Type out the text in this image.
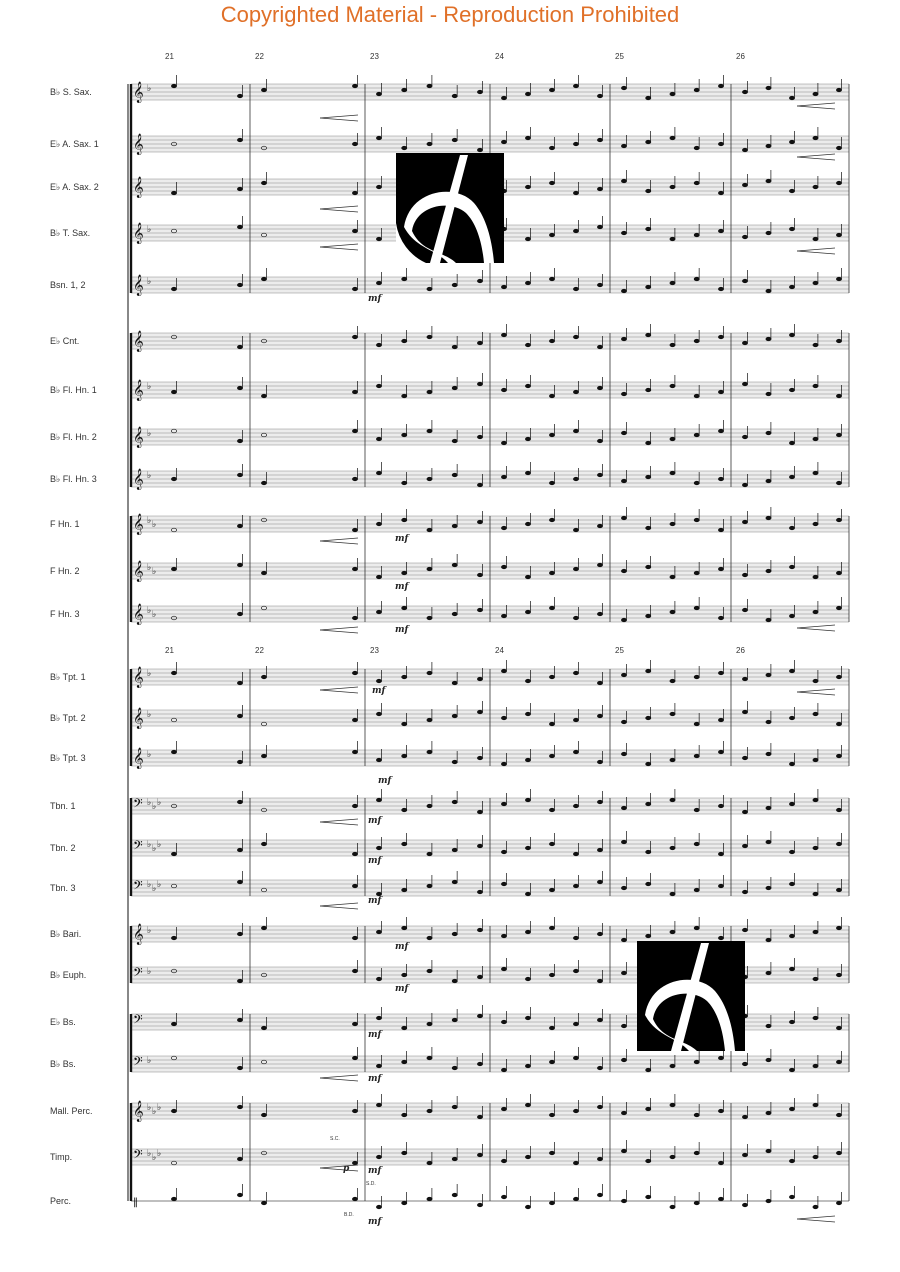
Copyrighted Material - Reproduction Prohibited
21	22	23	24	25	26
21	22	23	24	25	26
B♭ S. Sax.
E♭ A. Sax. 1
E♭ A. Sax. 2
B♭ T. Sax.
Bsn. 1, 2
E♭ Cnt.
B♭ Fl. Hn. 1
B♭ Fl. Hn. 2
B♭ Fl. Hn. 3
F Hn. 1
F Hn. 2
F Hn. 3
B♭ Tpt. 1
B♭ Tpt. 2
B♭ Tpt. 3
Tbn. 1
Tbn. 2
Tbn. 3
B♭ Bari.
B♭ Euph.
E♭ Bs.
B♭ Bs.
Mall. Perc.
Timp.
Perc.
𝄞 ♭
𝄞
𝄞
𝄞 ♭
𝄞 ♭
𝄞
𝄞 ♭
𝄞 ♭
𝄞 ♭
𝄞 ♭ ♭
𝄞 ♭ ♭
𝄞 ♭ ♭
𝄞 ♭
𝄞 ♭
𝄞 ♭
𝄢 ♭ ♭ ♭
𝄢 ♭ ♭ ♭
𝄢 ♭ ♭ ♭
𝄞 ♭
𝄢 ♭
𝄢
𝄢 ♭
𝄞 ♭ ♭ ♭
𝄢 ♭ ♭ ♭
‖
mf
mf
mf
mf
mf
mf
mf
mf
mf
mf
mf
mf
mf
mf
mf
p
S.C.
S.D.
B.D.
